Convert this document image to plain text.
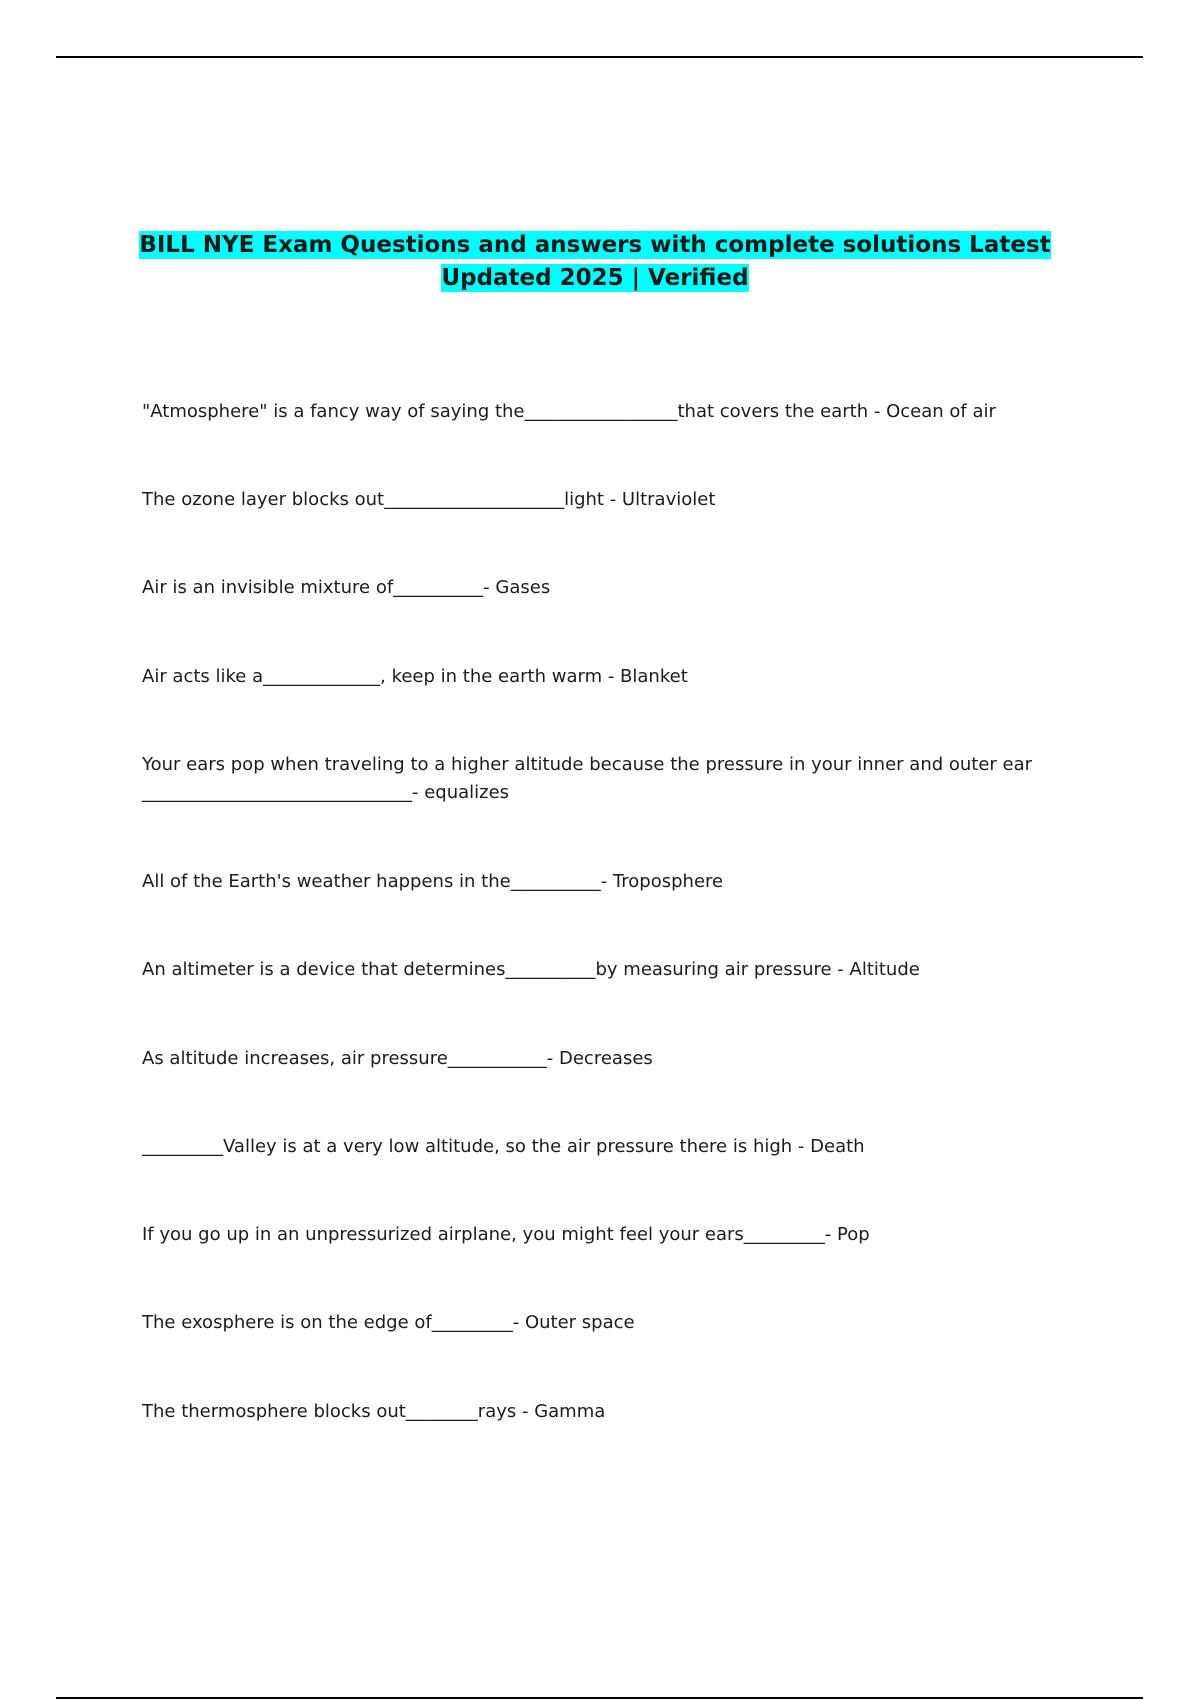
BILL NYE Exam Questions and answers with complete solutions Latest Updated 2025 | Verified

"Atmosphere" is a fancy way of saying the_________________that covers the earth - Ocean of air

The ozone layer blocks out____________________light - Ultraviolet

Air is an invisible mixture of__________- Gases

Air acts like a_____________, keep in the earth warm - Blanket

Your ears pop when traveling to a higher altitude because the pressure in your inner and outer ear ______________________________- equalizes

All of the Earth's weather happens in the__________- Troposphere

An altimeter is a device that determines__________by measuring air pressure - Altitude

As altitude increases, air pressure___________- Decreases

_________Valley is at a very low altitude, so the air pressure there is high - Death

If you go up in an unpressurized airplane, you might feel your ears_________- Pop

The exosphere is on the edge of_________- Outer space

The thermosphere blocks out________rays - Gamma
